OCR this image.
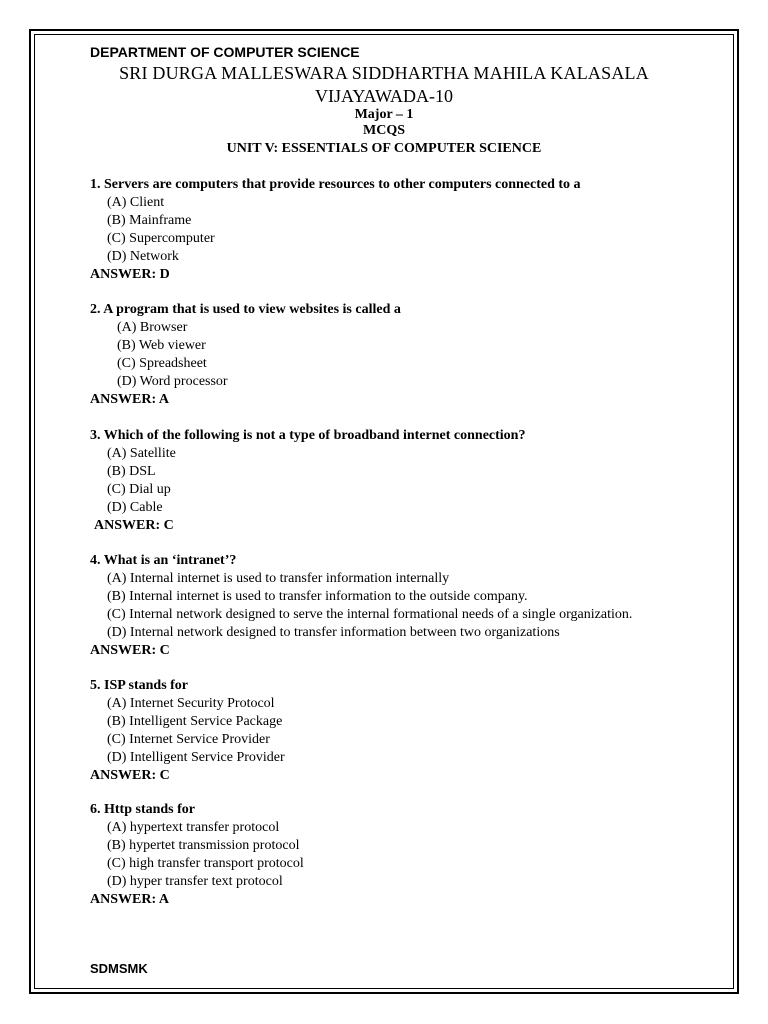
DEPARTMENT OF COMPUTER SCIENCE
SRI DURGA MALLESWARA SIDDHARTHA MAHILA KALASALA
VIJAYAWADA-10
Major – 1
MCQS
UNIT V: ESSENTIALS OF COMPUTER SCIENCE
1. Servers are computers that provide resources to other computers connected to a
(A) Client
(B) Mainframe
(C) Supercomputer
(D) Network
ANSWER: D
2. A program that is used to view websites is called a
(A) Browser
(B) Web viewer
(C) Spreadsheet
(D) Word processor
ANSWER: A
3. Which of the following is not a type of broadband internet connection?
(A) Satellite
(B) DSL
(C) Dial up
(D) Cable
ANSWER: C
4. What is an ‘intranet’?
(A) Internal internet is used to transfer information internally
(B) Internal internet is used to transfer information to the outside company.
(C) Internal network designed to serve the internal formational needs of a single organization.
(D) Internal network designed to transfer information between two organizations
ANSWER: C
5. ISP stands for
(A) Internet Security Protocol
(B) Intelligent Service Package
(C) Internet Service Provider
(D) Intelligent Service Provider
ANSWER: C
6. Http stands for
(A) hypertext transfer protocol
(B) hypertet transmission protocol
(C) high transfer transport protocol
(D) hyper transfer text protocol
ANSWER: A
SDMSMK
